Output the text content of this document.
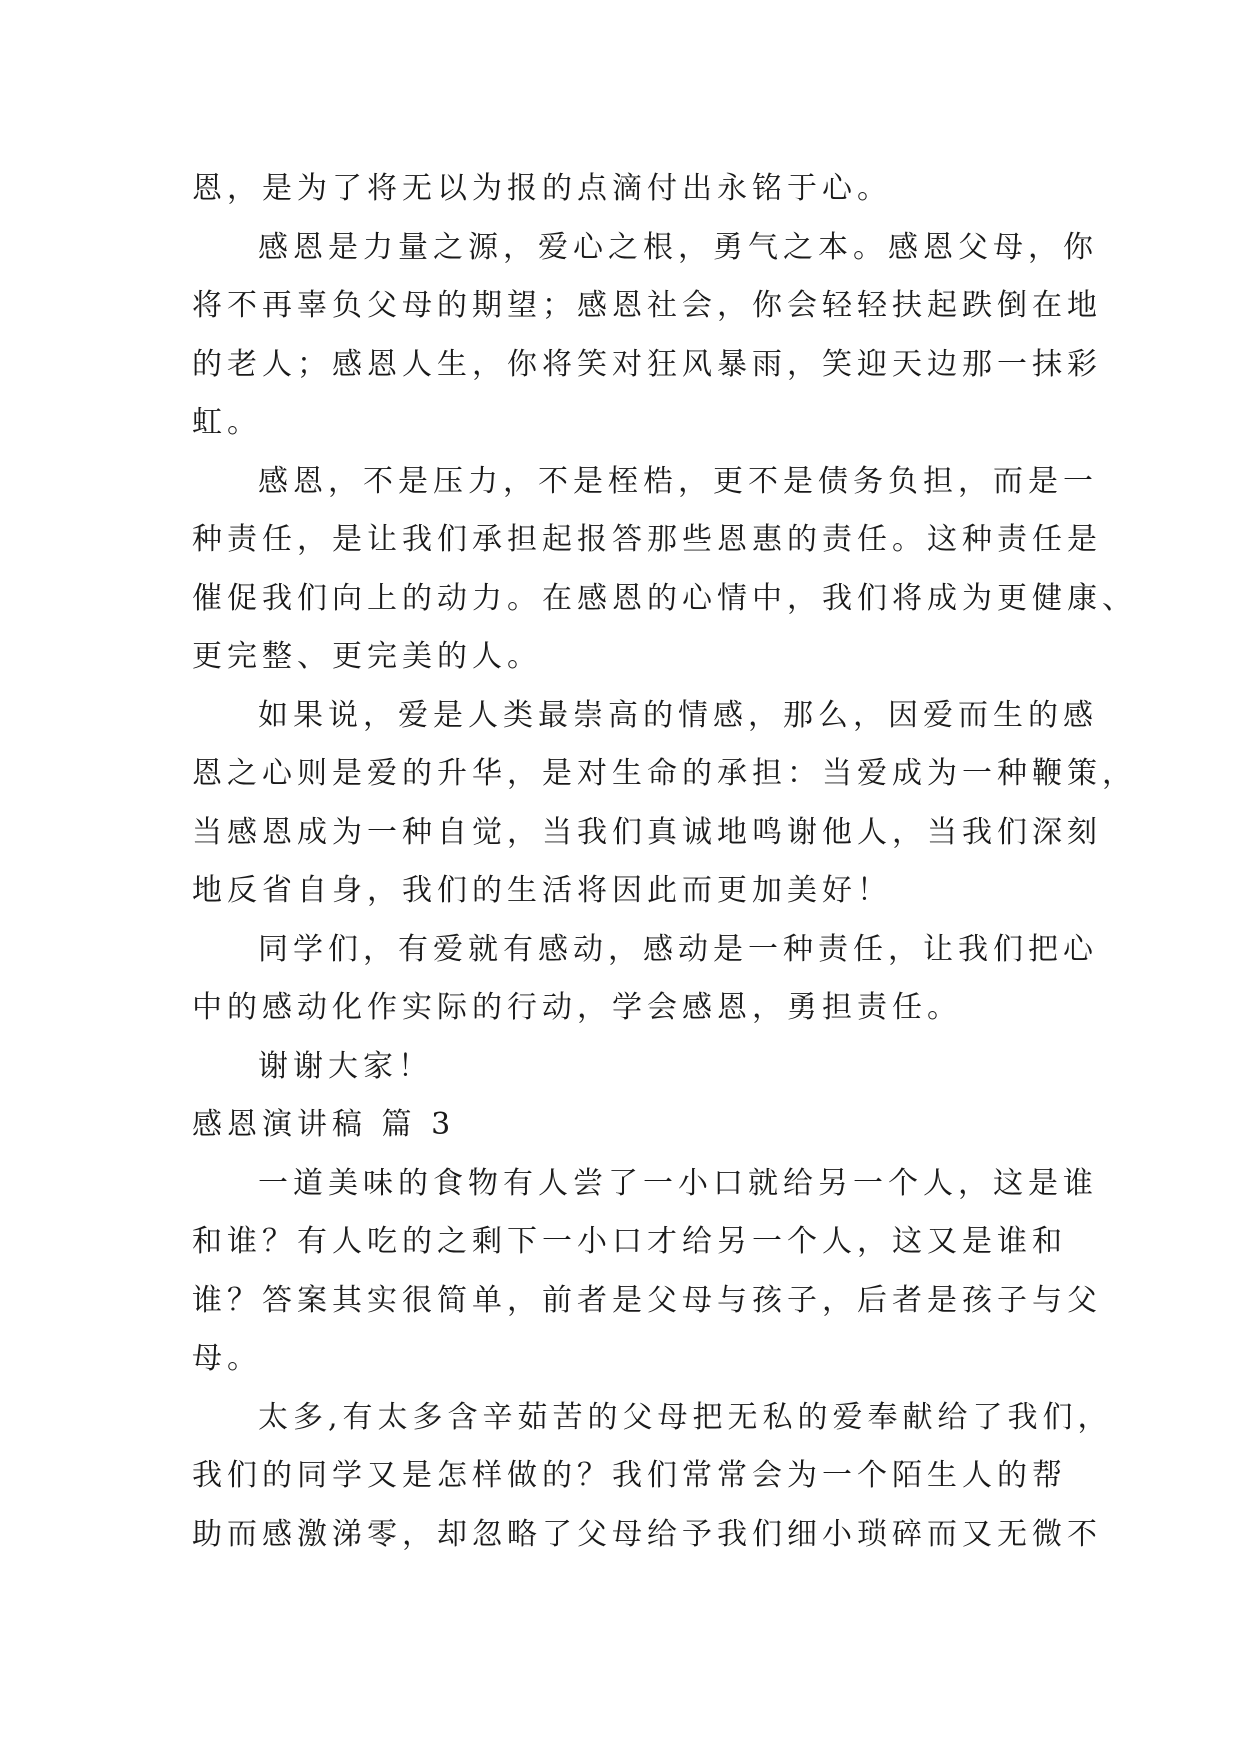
恩，是为了将无以为报的点滴付出永铭于心。
感恩是力量之源，爱心之根，勇气之本。感恩父母，你
将不再辜负父母的期望；感恩社会，你会轻轻扶起跌倒在地
的老人；感恩人生，你将笑对狂风暴雨，笑迎天边那一抹彩
虹。
感恩，不是压力，不是桎梏，更不是债务负担，而是一
种责任，是让我们承担起报答那些恩惠的责任。这种责任是
催促我们向上的动力。在感恩的心情中，我们将成为更健康、
更完整、更完美的人。
如果说，爱是人类最崇高的情感，那么，因爱而生的感
恩之心则是爱的升华，是对生命的承担：当爱成为一种鞭策，
当感恩成为一种自觉，当我们真诚地鸣谢他人，当我们深刻
地反省自身，我们的生活将因此而更加美好！
同学们，有爱就有感动，感动是一种责任，让我们把心
中的感动化作实际的行动，学会感恩，勇担责任。
谢谢大家！
感恩演讲稿 篇 3
一道美味的食物有人尝了一小口就给另一个人，这是谁
和谁？有人吃的之剩下一小口才给另一个人，这又是谁和
谁？答案其实很简单，前者是父母与孩子，后者是孩子与父
母。
太多,有太多含辛茹苦的父母把无私的爱奉献给了我们，
我们的同学又是怎样做的？我们常常会为一个陌生人的帮
助而感激涕零，却忽略了父母给予我们细小琐碎而又无微不
